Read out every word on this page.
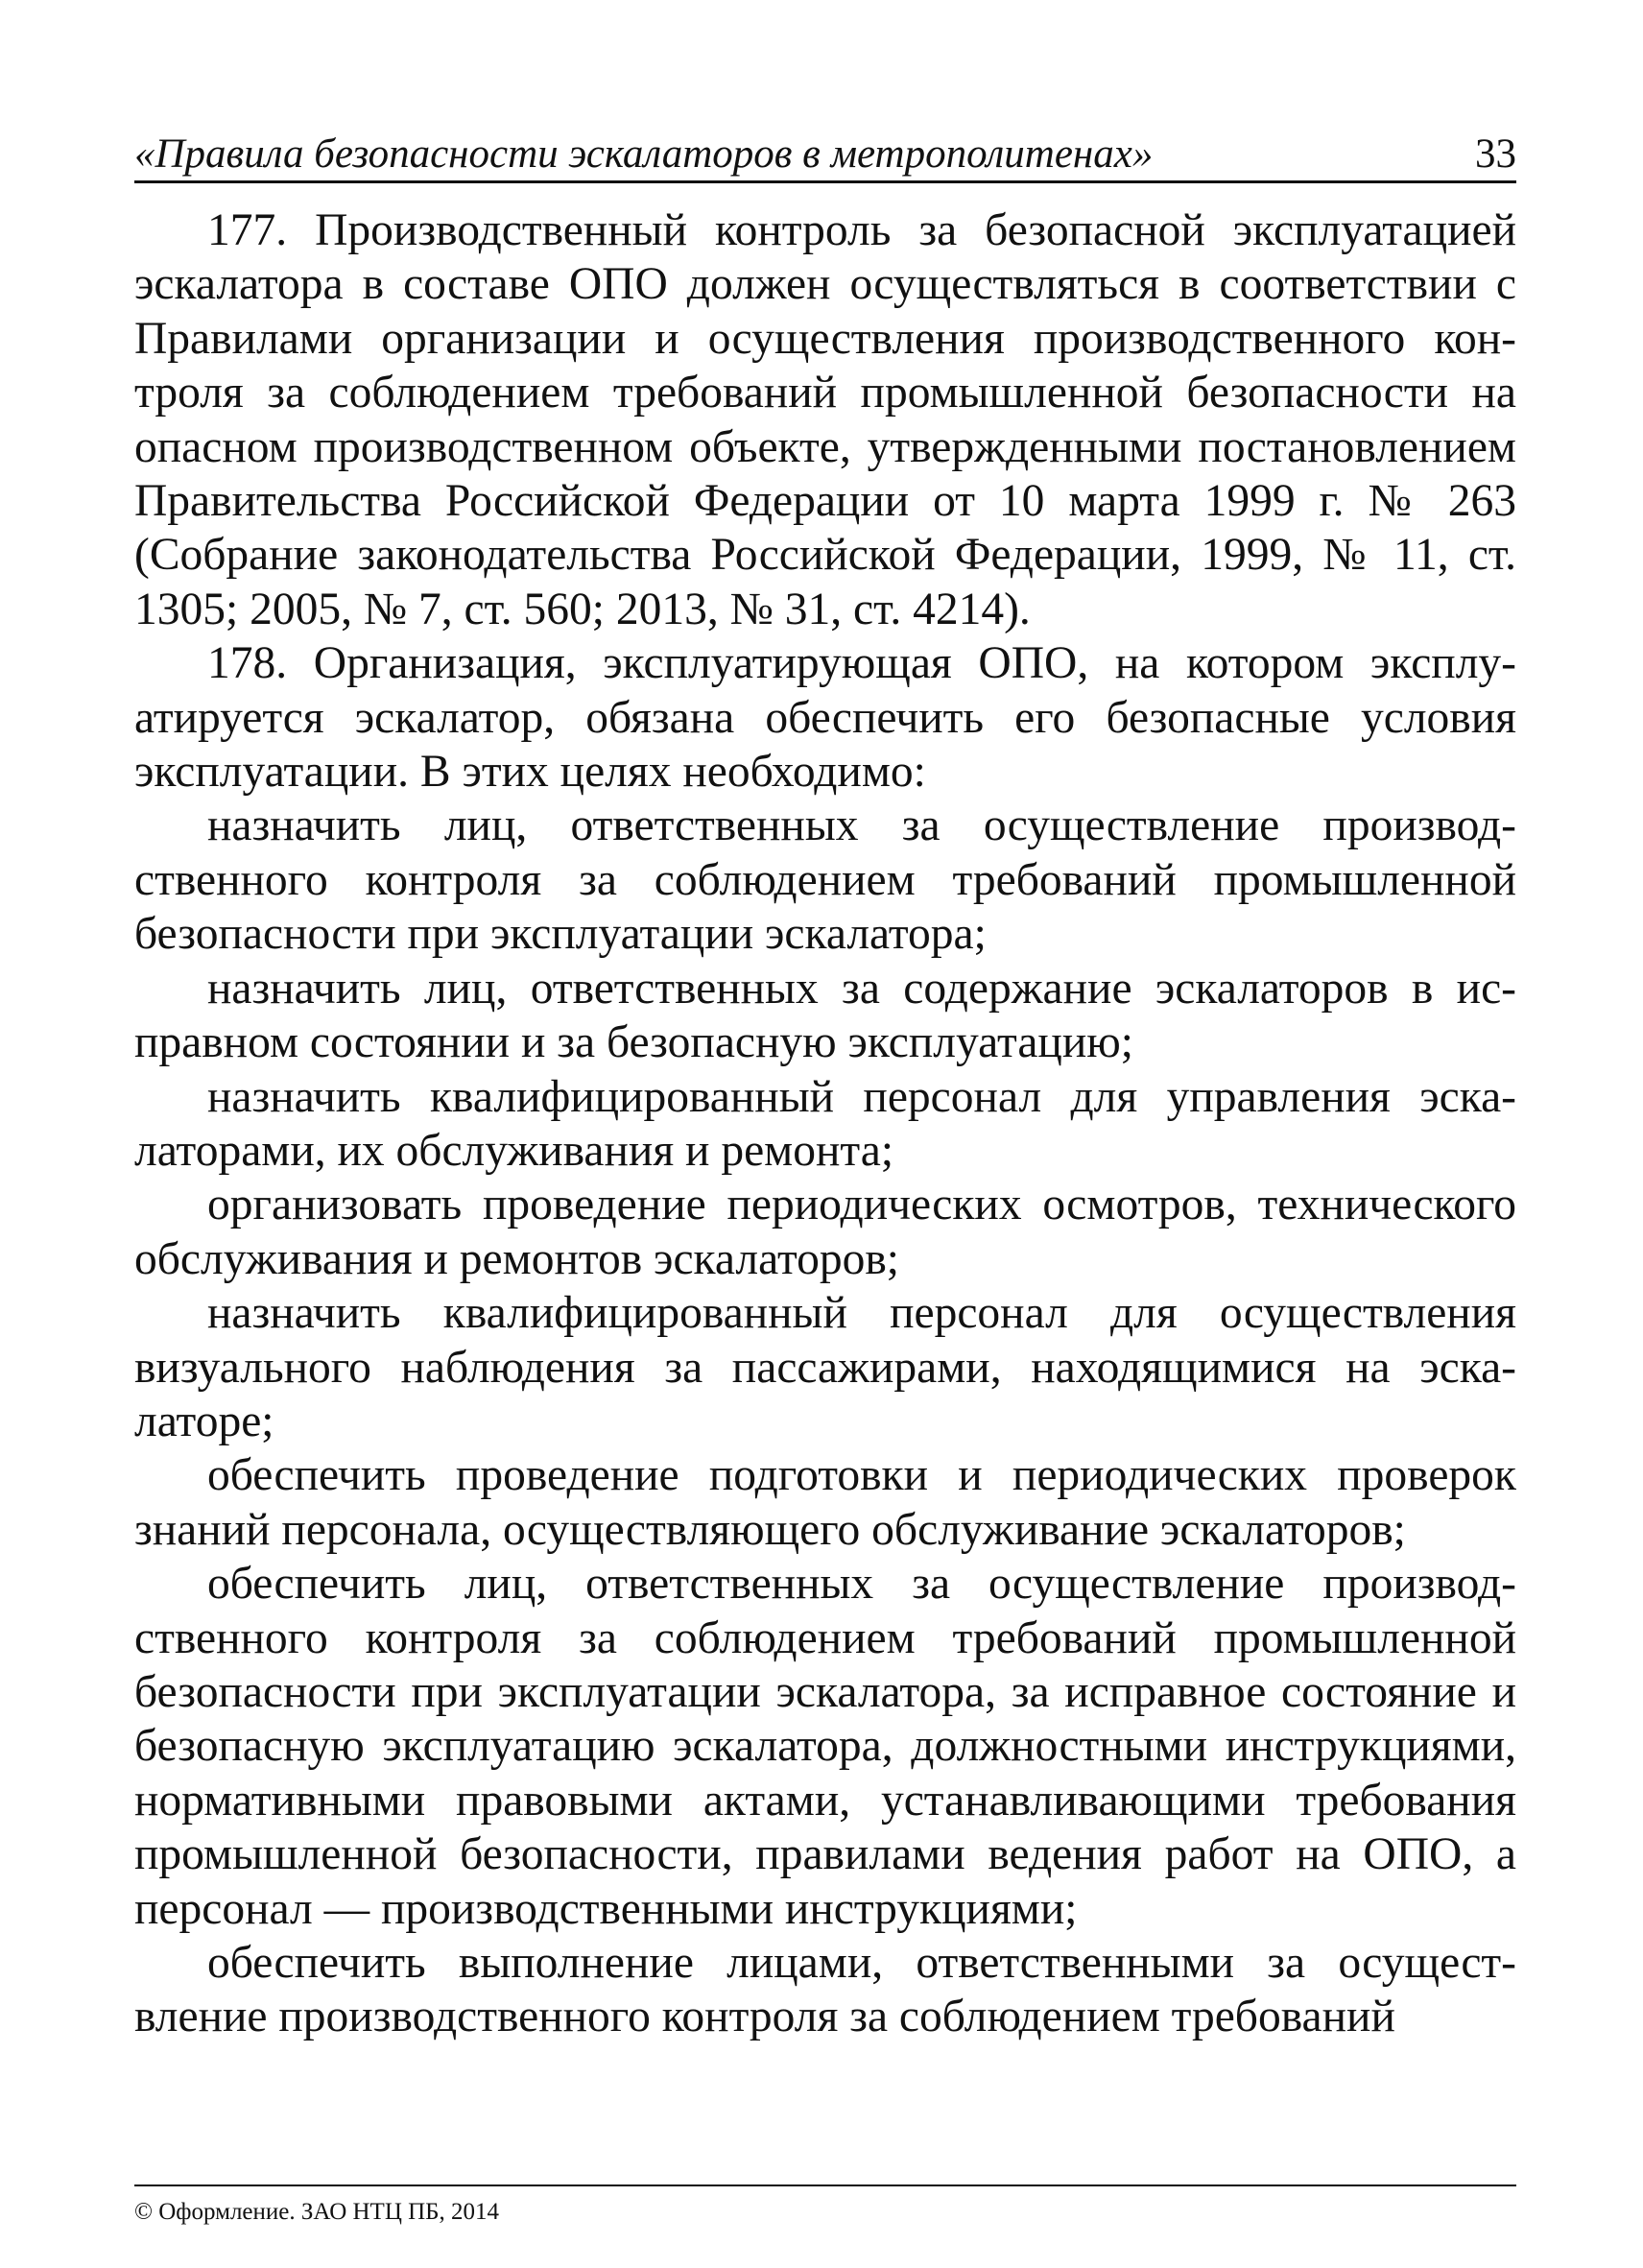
«Правила безопасности эскалаторов в метрополитенах»	33

177. Производственный контроль за безопасной эксплуатацией эскалатора в составе ОПО должен осуществляться в соответствии с Правилами организации и осуществления производственного контроля за соблюдением требований промышленной безопасности на опасном производственном объекте, утвержденными постановлением Правительства Российской Федерации от 10 марта 1999 г. № 263 (Собрание законодательства Российской Федерации, 1999, № 11, ст. 1305; 2005, № 7, ст. 560; 2013, № 31, ст. 4214).

178. Организация, эксплуатирующая ОПО, на котором эксплуатируется эскалатор, обязана обеспечить его безопасные условия эксплуатации. В этих целях необходимо:

назначить лиц, ответственных за осуществление производственного контроля за соблюдением требований промышленной безопасности при эксплуатации эскалатора;

назначить лиц, ответственных за содержание эскалаторов в исправном состоянии и за безопасную эксплуатацию;

назначить квалифицированный персонал для управления эскалаторами, их обслуживания и ремонта;

организовать проведение периодических осмотров, технического обслуживания и ремонтов эскалаторов;

назначить квалифицированный персонал для осуществления визуального наблюдения за пассажирами, находящимися на эскалаторе;

обеспечить проведение подготовки и периодических проверок знаний персонала, осуществляющего обслуживание эскалаторов;

обеспечить лиц, ответственных за осуществление производственного контроля за соблюдением требований промышленной безопасности при эксплуатации эскалатора, за исправное состояние и безопасную эксплуатацию эскалатора, должностными инструкциями, нормативными правовыми актами, устанавливающими требования промышленной безопасности, правилами ведения работ на ОПО, а персонал — производственными инструкциями;

обеспечить выполнение лицами, ответственными за осуществление производственного контроля за соблюдением требований

© Оформление. ЗАО НТЦ ПБ, 2014
